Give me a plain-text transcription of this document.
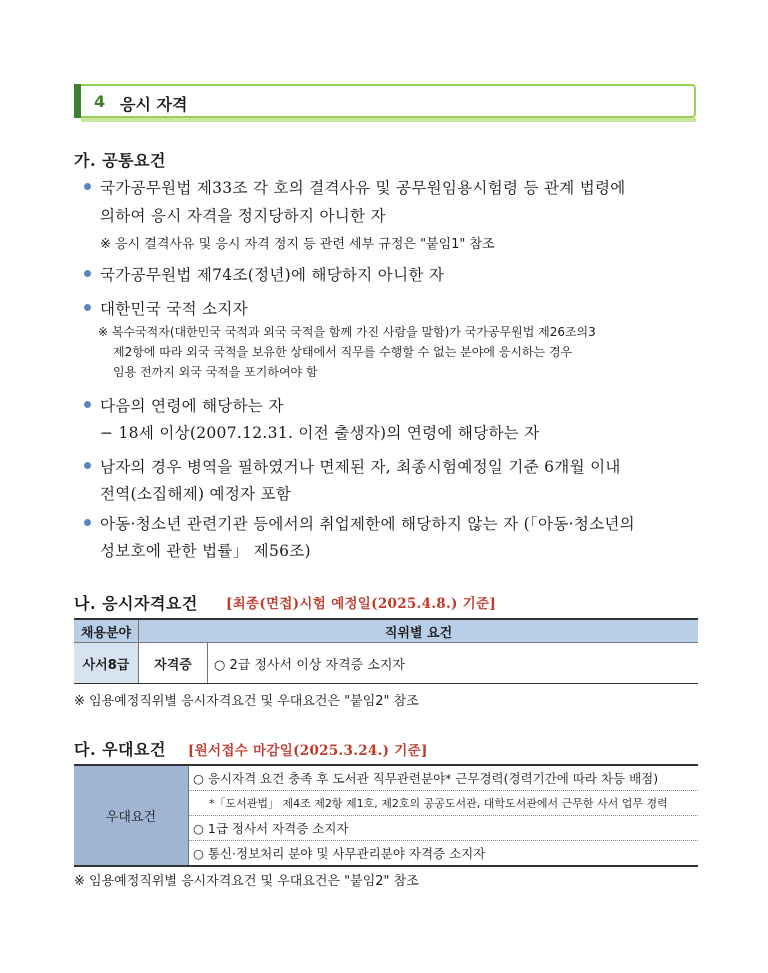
4 응시 자격
가. 공통요건
국가공무원법 제33조 각 호의 결격사유 및 공무원임용시험령 등 관계 법령에
의하여 응시 자격을 정지당하지 아니한 자
※ 응시 결격사유 및 응시 자격 정지 등 관련 세부 규정은 "붙임1" 참조
국가공무원법 제74조(정년)에 해당하지 아니한 자
대한민국 국적 소지자
※ 복수국적자(대한민국 국적과 외국 국적을 함께 가진 사람을 말함)가 국가공무원법 제26조의3
제2항에 따라 외국 국적을 보유한 상태에서 직무를 수행할 수 없는 분야에 응시하는 경우
임용 전까지 외국 국적을 포기하여야 함
다음의 연령에 해당하는 자
− 18세 이상(2007.12.31. 이전 출생자)의 연령에 해당하는 자
남자의 경우 병역을 필하였거나 면제된 자, 최종시험예정일 기준 6개월 이내
전역(소집해제) 예정자 포함
아동·청소년 관련기관 등에서의 취업제한에 해당하지 않는 자 (「아동·청소년의
성보호에 관한 법률」 제56조)
나. 응시자격요건 [최종(면접)시험 예정일(2025.4.8.) 기준]
채용분야	직위별 요건	
사서8급	자격증	○ 2급 정사서 이상 자격증 소지자
※ 임용예정직위별 응시자격요건 및 우대요건은 "붙임2" 참조
다. 우대요건 [원서접수 마감일(2025.3.24.) 기준]
우대요건	○ 응시자격 요건 충족 후 도서관 직무관련분야* 근무경력(경력기간에 따라 차등 배점)
*「도서관법」 제4조 제2항 제1호, 제2호의 공공도서관, 대학도서관에서 근무한 사서 업무 경력
○ 1급 정사서 자격증 소지자
○ 통신·정보처리 분야 및 사무관리분야 자격증 소지자
※ 임용예정직위별 응시자격요건 및 우대요건은 "붙임2" 참조
